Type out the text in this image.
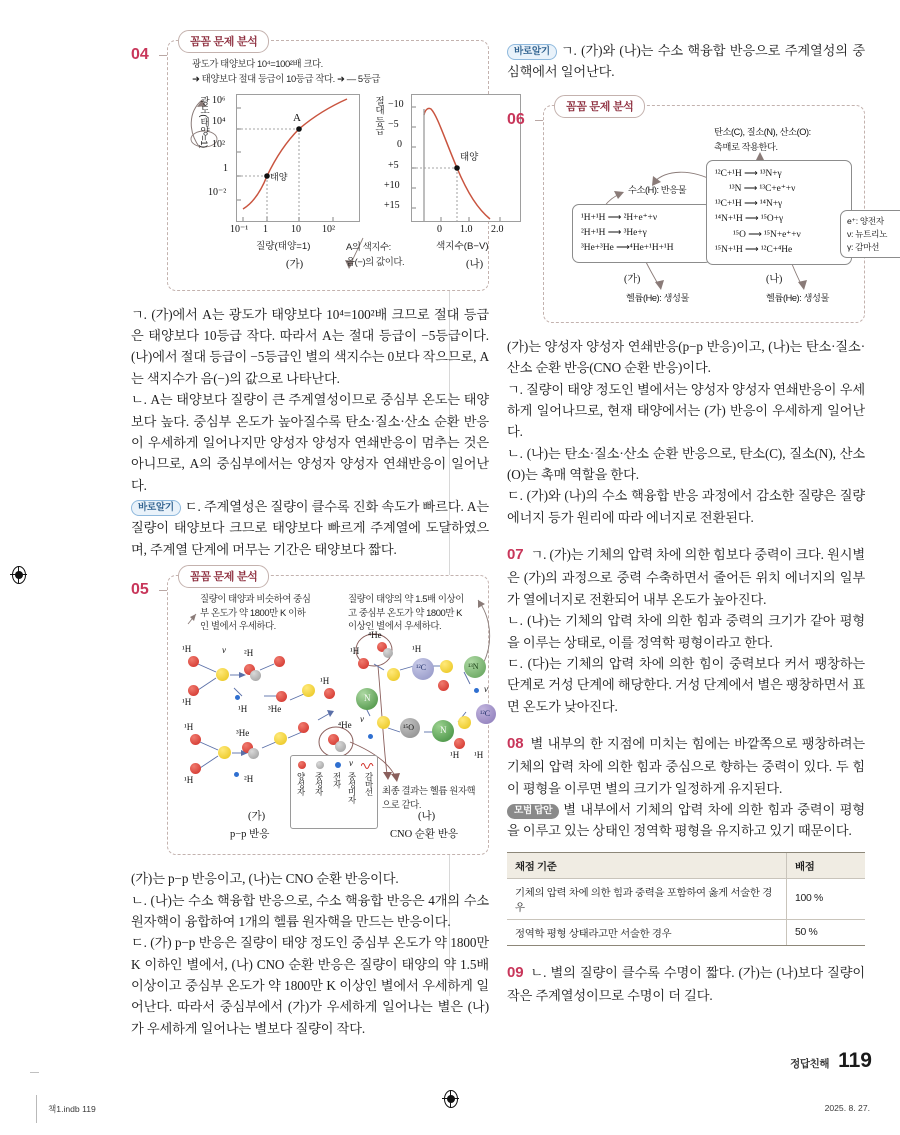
04
꼼꼼 문제 분석
광도가 태양보다 10⁴=100²배 크다.
➜ 태양보다 절대 등급이 10등급 작다. ➜ — 5등급
광도(태양=1) 10⁶
10⁴
10²
1
10⁻²
10⁻¹ 1 10 10²
A
태양
질량(태양=1)
(가)
절대 등급 −10
−5
0
+5
+10
+15
0 1.0 2.0
태양
색지수(B−V)
(나)
A의 색지수:
음(−)의 값이다.

ㄱ. (가)에서 A는 광도가 태양보다 10⁴=100²배 크므로 절대 등급은 태양보다 10등급 작다. 따라서 A는 절대 등급이 −5등급이다. (나)에서 절대 등급이 −5등급인 별의 색지수는 0보다 작으므로, A는 색지수가 음(−)의 값으로 나타난다.

ㄴ. A는 태양보다 질량이 큰 주계열성이므로 중심부 온도는 태양보다 높다. 중심부 온도가 높아질수록 탄소·질소·산소 순환 반응이 우세하게 일어나지만 양성자 양성자 연쇄반응이 멈추는 것은 아니므로, A의 중심부에서는 양성자 양성자 연쇄반응이 일어난다.

바로알기 ㄷ. 주계열성은 질량이 클수록 진화 속도가 빠르다. A는 질량이 태양보다 크므로 태양보다 빠르게 주계열에 도달하였으며, 주계열 단계에 머무는 기간은 태양보다 짧다.

05
꼼꼼 문제 분석
질량이 태양과 비슷하여 중심부 온도가 약 1800만 K 이하인 별에서 우세하다.
질량이 태양의 약 1.5배 이상이고 중심부 온도가 약 1800만 K 이상인 별에서 우세하다.
¹H
¹H
¹H
¹H
ν ²H
²H
¹H ³He
³He
¹H
⁴He
ν
양성자 중성자 전자 중성미자 감마선
⁴He
¹H	¹H
¹²C	¹³N
N
¹⁵O	N
¹²C
¹H ¹H
ν
ν
최종 결과는 헬륨 원자핵으로 같다.
(가)
p−p 반응
(나)
CNO 순환 반응

(가)는 p−p 반응이고, (나)는 CNO 순환 반응이다.

ㄴ. (나)는 수소 핵융합 반응으로, 수소 핵융합 반응은 4개의 수소 원자핵이 융합하여 1개의 헬륨 원자핵을 만드는 반응이다.

ㄷ. (가) p−p 반응은 질량이 태양 정도인 중심부 온도가 약 1800만 K 이하인 별에서, (나) CNO 순환 반응은 질량이 태양의 약 1.5배 이상이고 중심부 온도가 약 1800만 K 이상인 별에서 우세하게 일어난다. 따라서 중심부에서 (가)가 우세하게 일어나는 별은 (나)가 우세하게 일어나는 별보다 질량이 작다.

바로알기 ㄱ. (가)와 (나)는 수소 핵융합 반응으로 주계열성의 중심핵에서 일어난다.

06
꼼꼼 문제 분석
탄소(C), 질소(N), 산소(O):
촉매로 작용한다.
수소(H): 반응물
¹H+¹H ⟶ ²H+e⁺+ν
²H+¹H ⟶ ³He+γ
³He+³He ⟶⁴He+¹H+¹H
¹²C+¹H ⟶ ¹³N+γ
¹³N ⟶ ¹³C+e⁺+ν
¹³C+¹H ⟶ ¹⁴N+γ
¹⁴N+¹H ⟶ ¹⁵O+γ
¹⁵O ⟶ ¹⁵N+e⁺+ν
¹⁵N+¹H ⟶ ¹²C+⁴He
e⁺: 양전자
ν: 뉴트리노
γ: 감마선
(가)	(나)
헬륨(He): 생성물	헬륨(He): 생성물

(가)는 양성자 양성자 연쇄반응(p−p 반응)이고, (나)는 탄소·질소·산소 순환 반응(CNO 순환 반응)이다.

ㄱ. 질량이 태양 정도인 별에서는 양성자 양성자 연쇄반응이 우세하게 일어나므로, 현재 태양에서는 (가) 반응이 우세하게 일어난다.

ㄴ. (나)는 탄소·질소·산소 순환 반응으로, 탄소(C), 질소(N), 산소(O)는 촉매 역할을 한다.

ㄷ. (가)와 (나)의 수소 핵융합 반응 과정에서 감소한 질량은 질량 에너지 등가 원리에 따라 에너지로 전환된다.

07 ㄱ. (가)는 기체의 압력 차에 의한 힘보다 중력이 크다. 원시별은 (가)의 과정으로 중력 수축하면서 줄어든 위치 에너지의 일부가 열에너지로 전환되어 내부 온도가 높아진다.

ㄴ. (나)는 기체의 압력 차에 의한 힘과 중력의 크기가 같아 평형을 이루는 상태로, 이를 정역학 평형이라고 한다.

ㄷ. (다)는 기체의 압력 차에 의한 힘이 중력보다 커서 팽창하는 단계로 거성 단계에 해당한다. 거성 단계에서 별은 팽창하면서 표면 온도가 낮아진다.

08 별 내부의 한 지점에 미치는 힘에는 바깥쪽으로 팽창하려는 기체의 압력 차에 의한 힘과 중심으로 향하는 중력이 있다. 두 힘이 평형을 이루면 별의 크기가 일정하게 유지된다.

모범 답안 별 내부에서 기체의 압력 차에 의한 힘과 중력이 평형을 이루고 있는 상태인 정역학 평형을 유지하고 있기 때문이다.

채점 기준	배점
기체의 압력 차에 의한 힘과 중력을 포함하여 옳게 서술한 경우	100 %
정역학 평형 상태라고만 서술한 경우	50 %

09 ㄴ. 별의 질량이 클수록 수명이 짧다. (가)는 (나)보다 질량이 작은 주계열성이므로 수명이 더 길다.

정답친해 119
책1.indb 119	2025. 8. 27.
